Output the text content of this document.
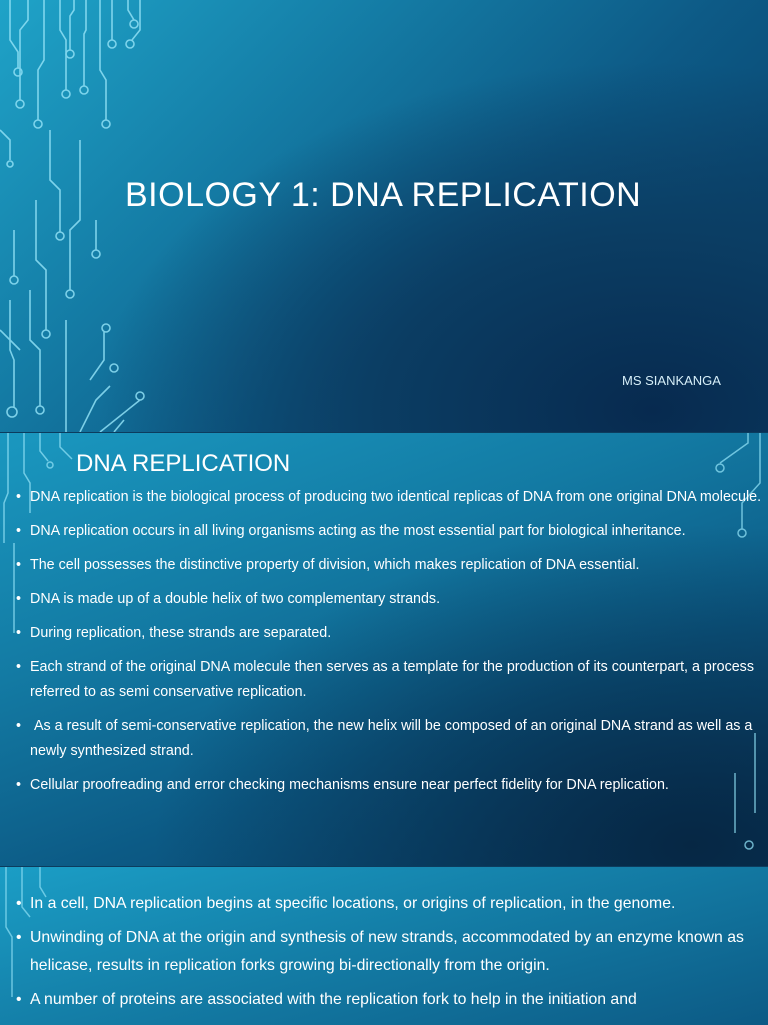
BIOLOGY 1: DNA REPLICATION
MS SIANKANGA
DNA REPLICATION
• DNA replication is the biological process of producing two identical replicas of DNA from one original DNA molecule.
• DNA replication occurs in all living organisms acting as the most essential part for biological inheritance.
• The cell possesses the distinctive property of division, which makes replication of DNA essential.
• DNA is made up of a double helix of two complementary strands.
• During replication, these strands are separated.
• Each strand of the original DNA molecule then serves as a template for the production of its counterpart, a process referred to as semi conservative replication.
• As a result of semi-conservative replication, the new helix will be composed of an original DNA strand as well as a newly synthesized strand.
• Cellular proofreading and error checking mechanisms ensure near perfect fidelity for DNA replication.
• In a cell, DNA replication begins at specific locations, or origins of replication, in the genome.
• Unwinding of DNA at the origin and synthesis of new strands, accommodated by an enzyme known as helicase, results in replication forks growing bi-directionally from the origin.
• A number of proteins are associated with the replication fork to help in the initiation and
